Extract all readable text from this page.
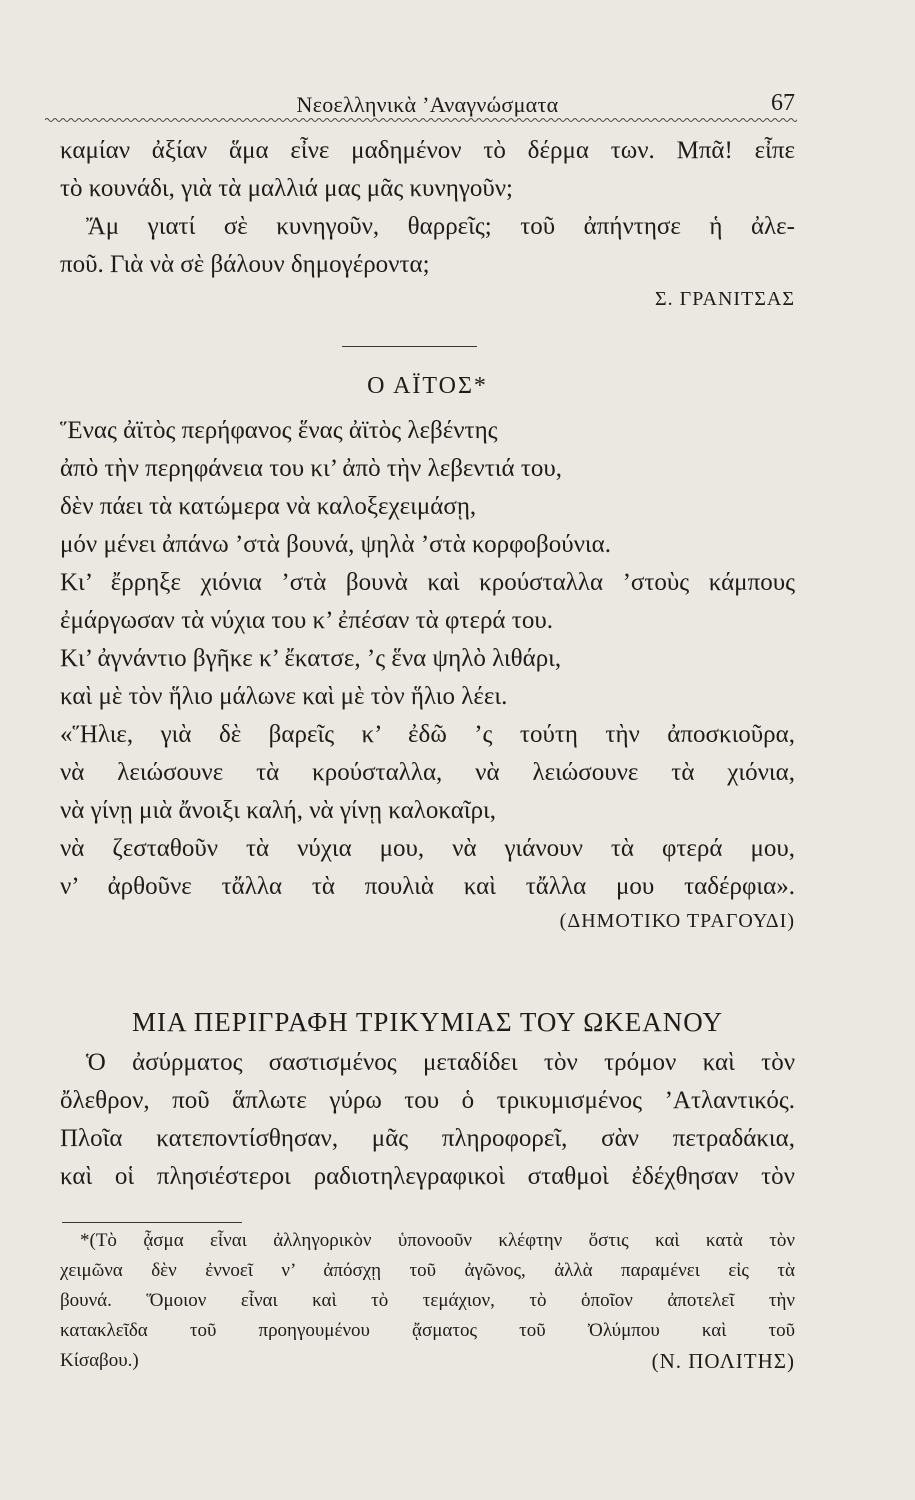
Νεοελληνικὰ ’Αναγνώσματα	67
καμίαν ἀξίαν ἅμα εἶνε μαδημένον τὸ δέρμα των. Μπᾶ! εἶπε
τὸ κουνάδι, γιὰ τὰ μαλλιά μας μᾶς κυνηγοῦν;
Ἄμ γιατί σὲ κυνηγοῦν, θαρρεῖς; τοῦ ἀπήντησε ἡ ἀλε-
ποῦ. Γιὰ νὰ σὲ βάλουν δημογέροντα;
Σ. ΓΡΑΝΙΤΣΑΣ
Ο ΑΪΤΟΣ*
Ἕνας ἀϊτὸς περήφανος ἕνας ἀϊτὸς λεβέντης
ἀπὸ τὴν περηφάνεια του κι’ ἀπὸ τὴν λεβεντιά του,
δὲν πάει τὰ κατώμερα νὰ καλοξεχειμάσῃ,
μόν μένει ἀπάνω ’στὰ βουνά, ψηλὰ ’στὰ κορφοβούνια.
Κι’ ἔρρηξε χιόνια ’στὰ βουνὰ καὶ κρούσταλλα ’στοὺς κάμπους
ἐμάργωσαν τὰ νύχια του κ’ ἐπέσαν τὰ φτερά του.
Κι’ ἀγνάντιο βγῆκε κ’ ἔκατσε, ’ς ἕνα ψηλὸ λιθάρι,
καὶ μὲ τὸν ἥλιο μάλωνε καὶ μὲ τὸν ἥλιο λέει.
«Ἥλιε, γιὰ δὲ βαρεῖς κ’ ἐδῶ ’ς τούτη τὴν ἀποσκιοῦρα,
νὰ λειώσουνε τὰ κρούσταλλα, νὰ λειώσουνε τὰ χιόνια,
νὰ γίνῃ μιὰ ἄνοιξι καλή, νὰ γίνῃ καλοκαῖρι,
νὰ ζεσταθοῦν τὰ νύχια μου, νὰ γιάνουν τὰ φτερά μου,
ν’ ἀρθοῦνε τἄλλα τὰ πουλιὰ καὶ τἄλλα μου ταδέρφια».
(ΔΗΜΟΤΙΚΟ ΤΡΑΓΟΥΔΙ)
ΜΙΑ ΠΕΡΙΓΡΑΦΗ ΤΡΙΚΥΜΙΑΣ ΤΟΥ ΩΚΕΑΝΟΥ
Ὁ ἀσύρματος σαστισμένος μεταδίδει τὸν τρόμον καὶ τὸν
ὄλεθρον, ποῦ ἅπλωτε γύρω του ὁ τρικυμισμένος ’Ατλαντικός.
Πλοῖα κατεποντίσθησαν, μᾶς πληροφορεῖ, σὰν πετραδάκια,
καὶ οἱ πλησιέστεροι ραδιοτηλεγραφικοὶ σταθμοὶ ἐδέχθησαν τὸν
*(Τὸ ᾆσμα εἶναι ἀλληγορικὸν ὑπονοοῦν κλέφτην ὅστις καὶ κατὰ τὸν
χειμῶνα δὲν ἐννοεῖ ν’ ἀπόσχῃ τοῦ ἀγῶνος, ἀλλὰ παραμένει εἰς τὰ
βουνά. Ὅμοιον εἶναι καὶ τὸ τεμάχιον, τὸ ὁποῖον ἀποτελεῖ τὴν
κατακλεῖδα τοῦ προηγουμένου ᾄσματος τοῦ Ὀλύμπου καὶ τοῦ
Κίσαβου.)	(Ν. ΠΟΛΙΤΗΣ)
